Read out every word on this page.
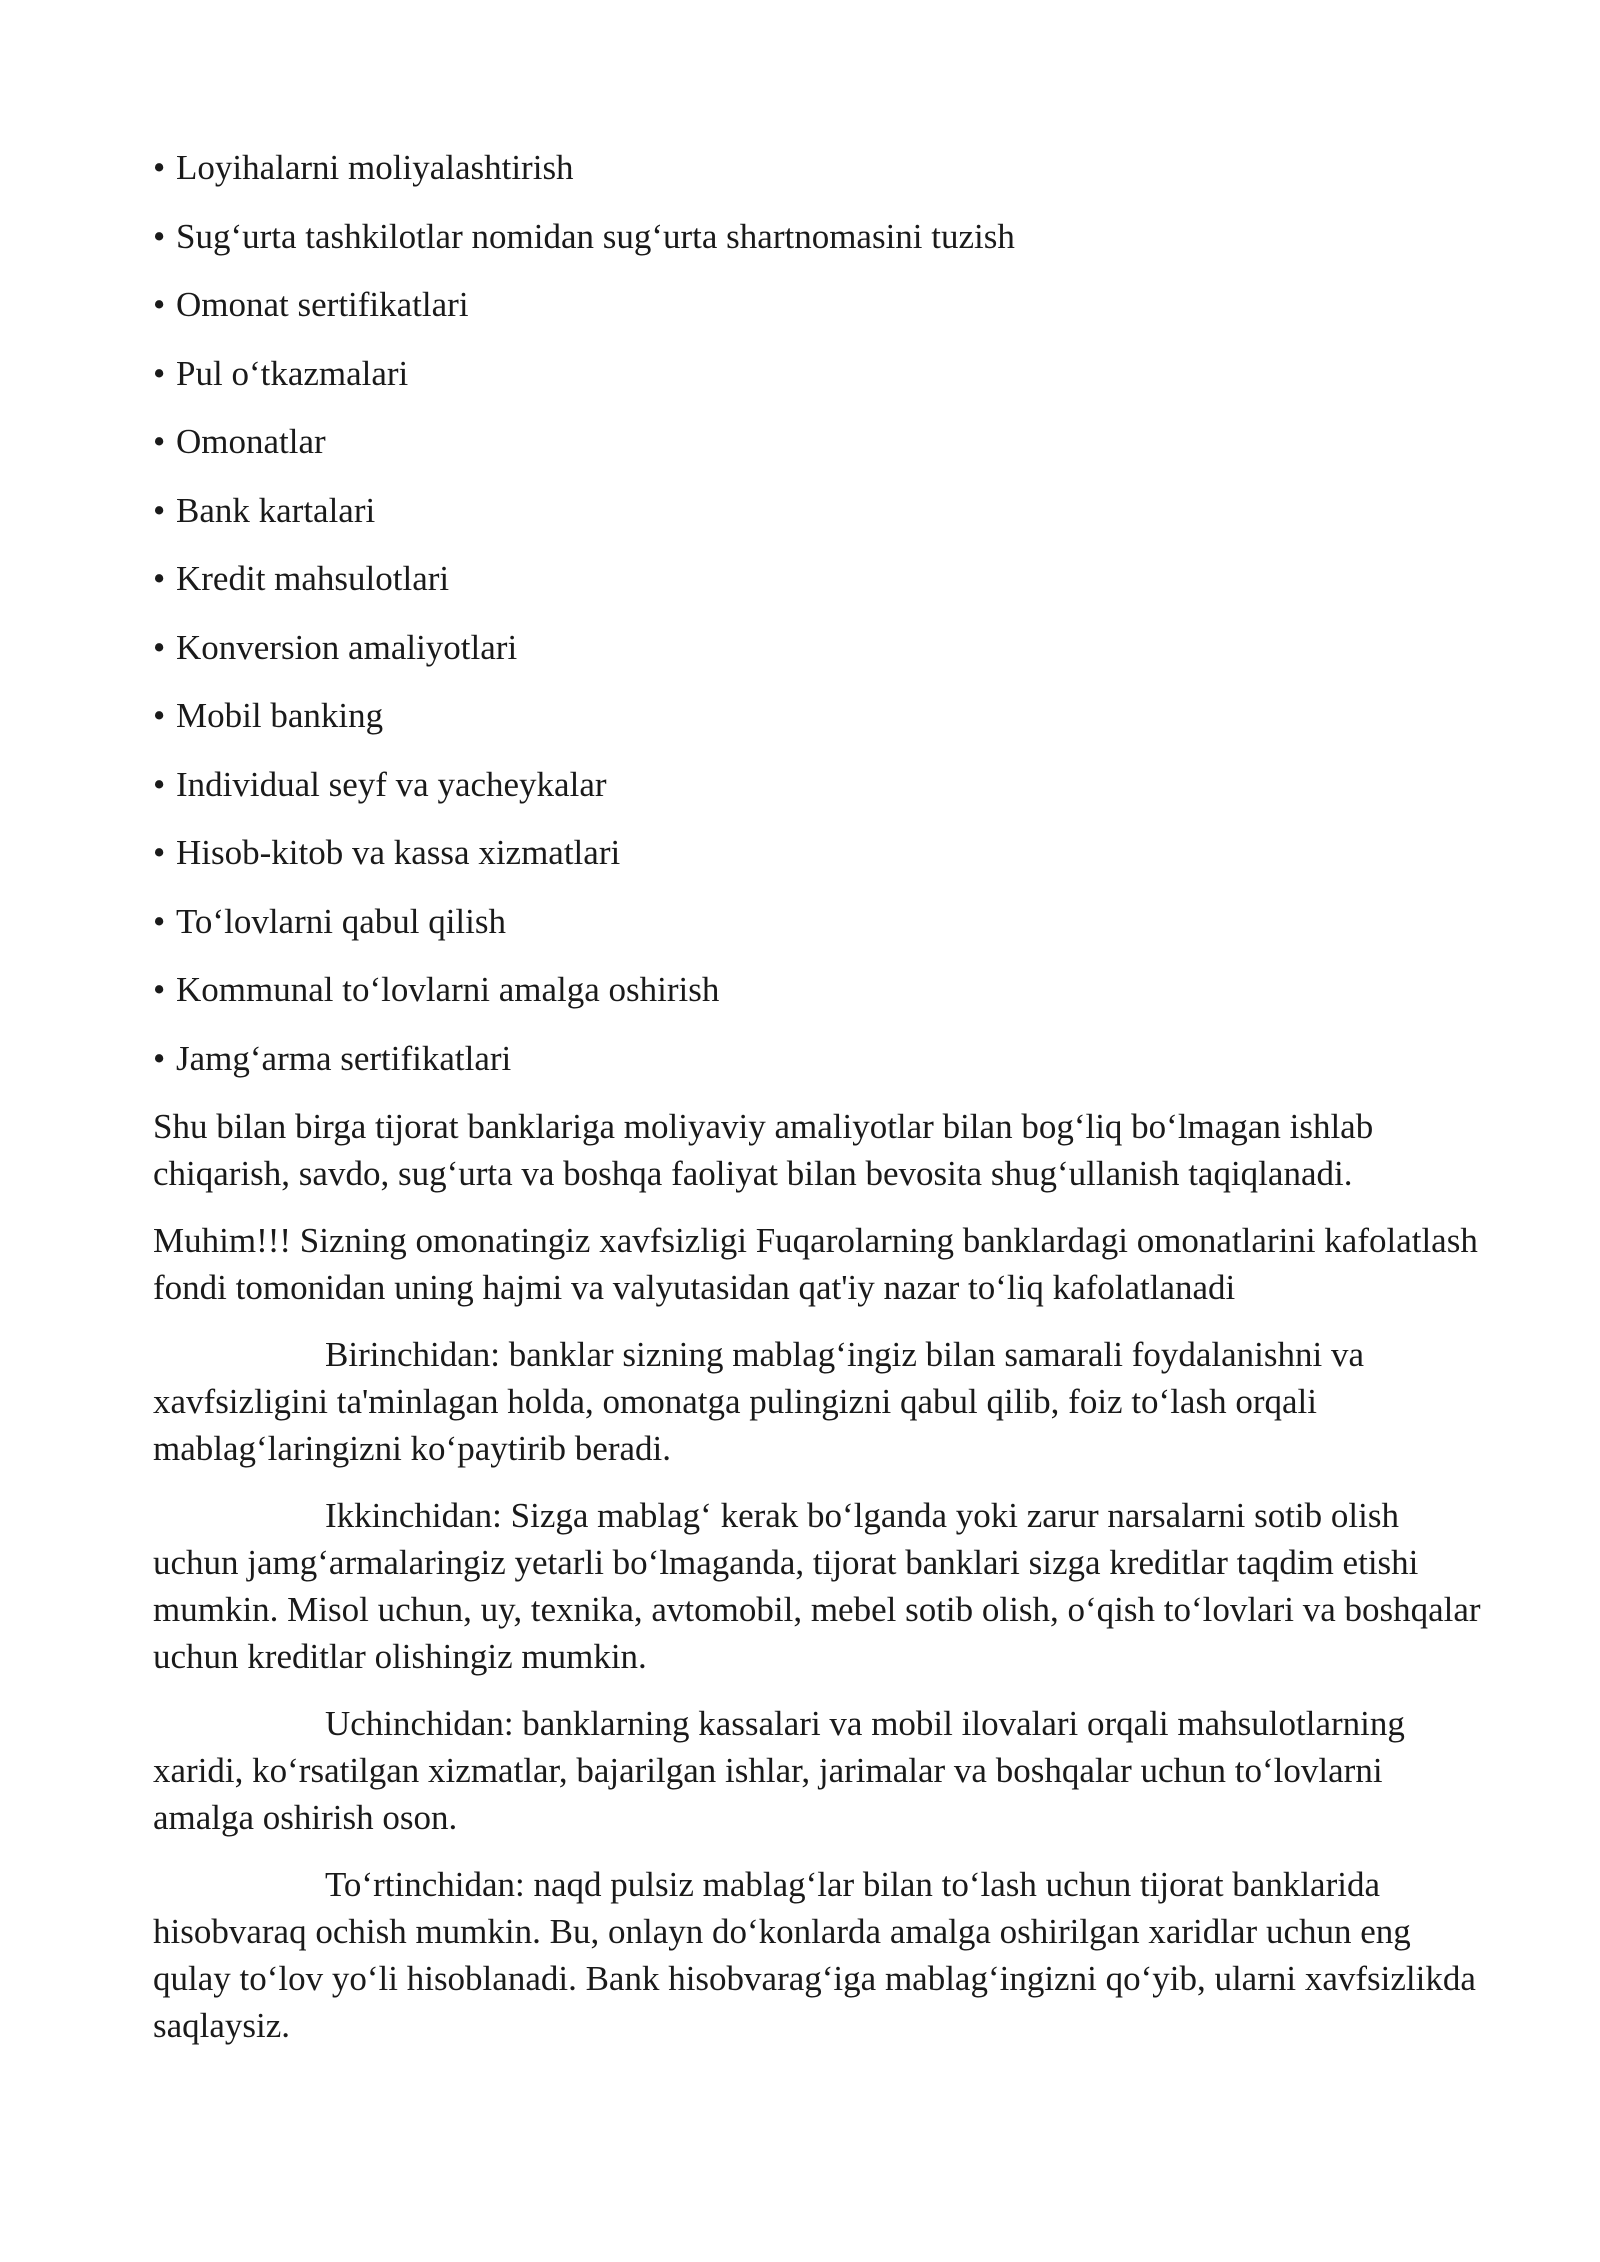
• Loyihalarni moliyalashtirish
• Sug‘urta tashkilotlar nomidan sug‘urta shartnomasini tuzish
• Omonat sertifikatlari
• Pul o‘tkazmalari
• Omonatlar
• Bank kartalari
• Kredit mahsulotlari
• Konversion amaliyotlari
• Mobil banking
• Individual seyf va yacheykalar
• Hisob-kitob va kassa xizmatlari
• To‘lovlarni qabul qilish
• Kommunal to‘lovlarni amalga oshirish
• Jamg‘arma sertifikatlari

Shu bilan birga tijorat banklariga moliyaviy amaliyotlar bilan bog‘liq bo‘lmagan ishlab chiqarish, savdo, sug‘urta va boshqa faoliyat bilan bevosita shug‘ullanish taqiqlanadi.

Muhim!!! Sizning omonatingiz xavfsizligi Fuqarolarning banklardagi omonatlarini kafolatlash fondi tomonidan uning hajmi va valyutasidan qat'iy nazar to‘liq kafolatlanadi

Birinchidan: banklar sizning mablag‘ingiz bilan samarali foydalanishni va xavfsizligini ta'minlagan holda, omonatga pulingizni qabul qilib, foiz to‘lash orqali mablag‘laringizni ko‘paytirib beradi.

Ikkinchidan: Sizga mablag‘ kerak bo‘lganda yoki zarur narsalarni sotib olish uchun jamg‘armalaringiz yetarli bo‘lmaganda, tijorat banklari sizga kreditlar taqdim etishi mumkin. Misol uchun, uy, texnika, avtomobil, mebel sotib olish, o‘qish to‘lovlari va boshqalar uchun kreditlar olishingiz mumkin.

Uchinchidan: banklarning kassalari va mobil ilovalari orqali mahsulotlarning xaridi, ko‘rsatilgan xizmatlar, bajarilgan ishlar, jarimalar va boshqalar uchun to‘lovlarni amalga oshirish oson.

To‘rtinchidan: naqd pulsiz mablag‘lar bilan to‘lash uchun tijorat banklarida hisobvaraq ochish mumkin. Bu, onlayn do‘konlarda amalga oshirilgan xaridlar uchun eng qulay to‘lov yo‘li hisoblanadi. Bank hisobvarag‘iga mablag‘ingizni qo‘yib, ularni xavfsizlikda saqlaysiz.
